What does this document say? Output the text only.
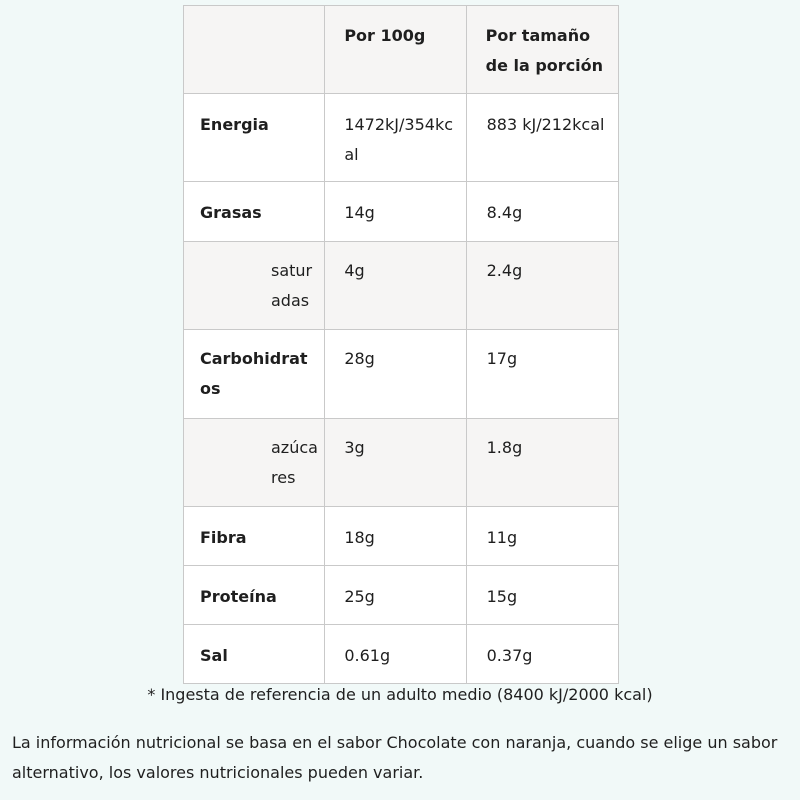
	Por 100g	Por tamaño de la porción
Energia	1472kJ/354kcal	883 kJ/212kcal
Grasas	14g	8.4g
saturadas	4g	2.4g
Carbohidratos	28g	17g
azúcares	3g	1.8g
Fibra	18g	11g
Proteína	25g	15g
Sal	0.61g	0.37g
* Ingesta de referencia de un adulto medio (8400 kJ/2000 kcal)

La información nutricional se basa en el sabor Chocolate con naranja, cuando se elige un sabor alternativo, los valores nutricionales pueden variar.
